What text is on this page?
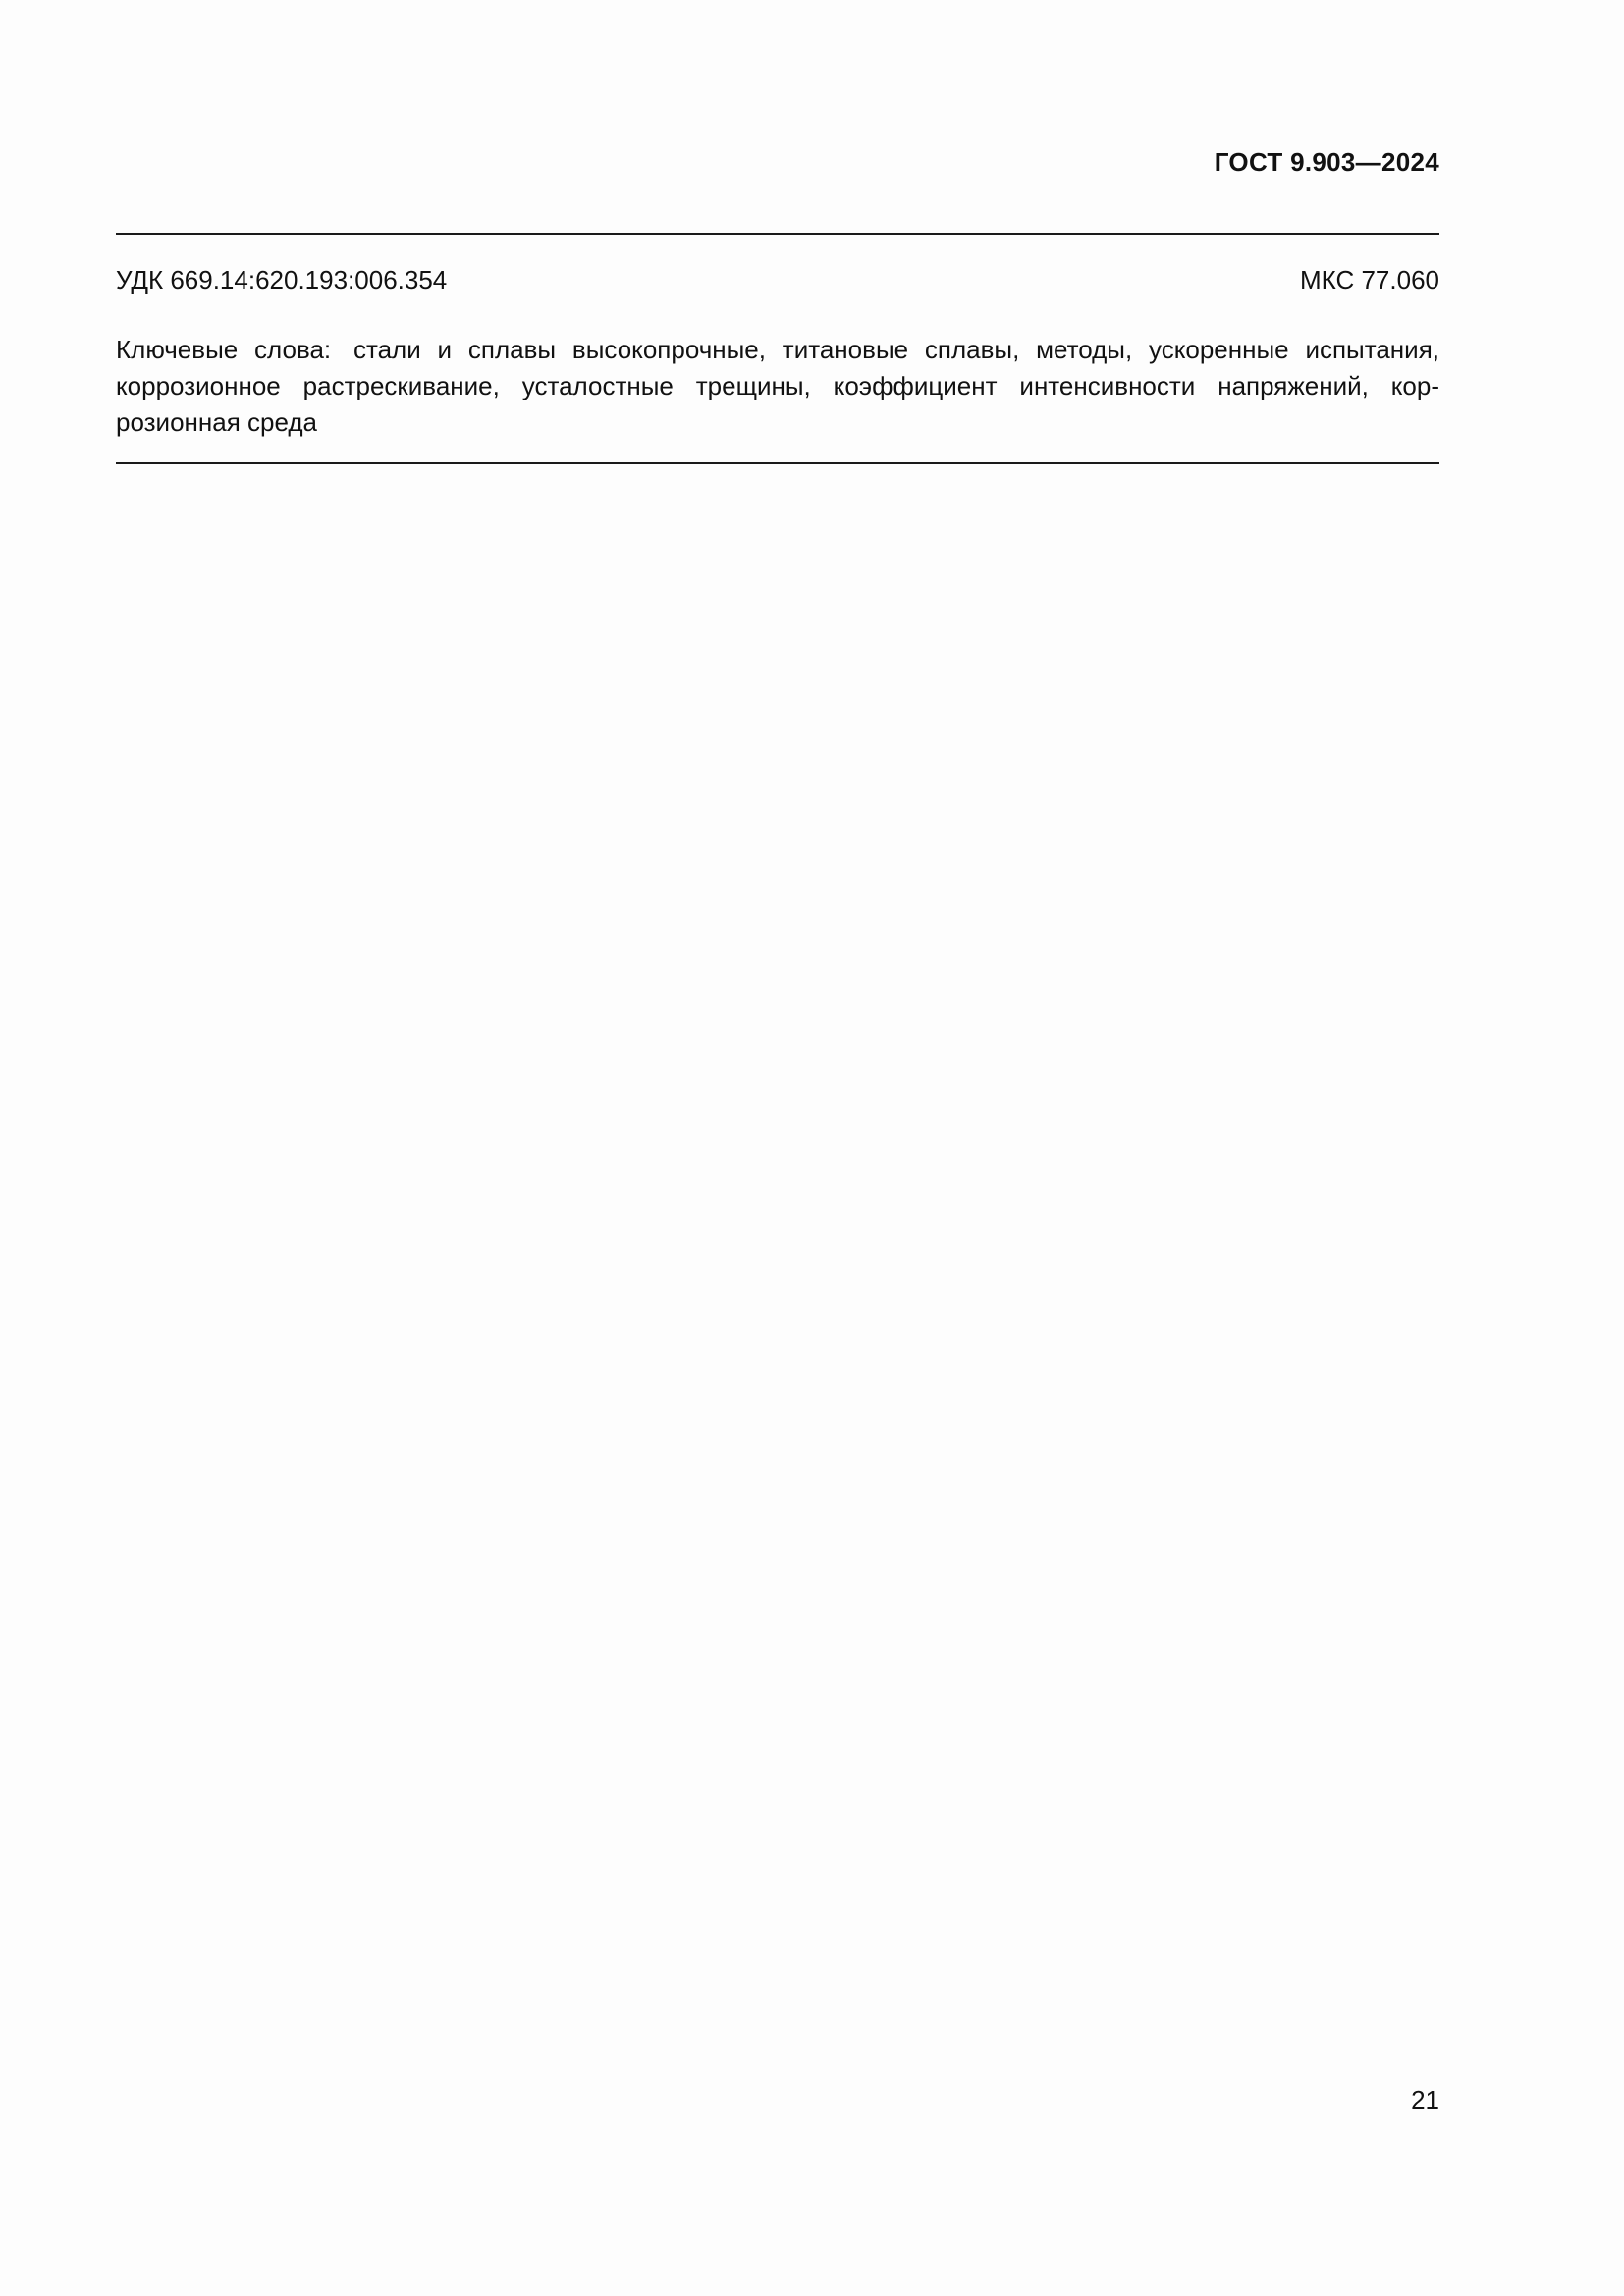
ГОСТ 9.903—2024
УДК 669.14:620.193:006.354	МКС 77.060
Ключевые слова: стали и сплавы высокопрочные, титановые сплавы, методы, ускоренные испытания, коррозионное растрескивание, усталостные трещины, коэффициент интенсивности напряжений, кор-розионная среда
21
